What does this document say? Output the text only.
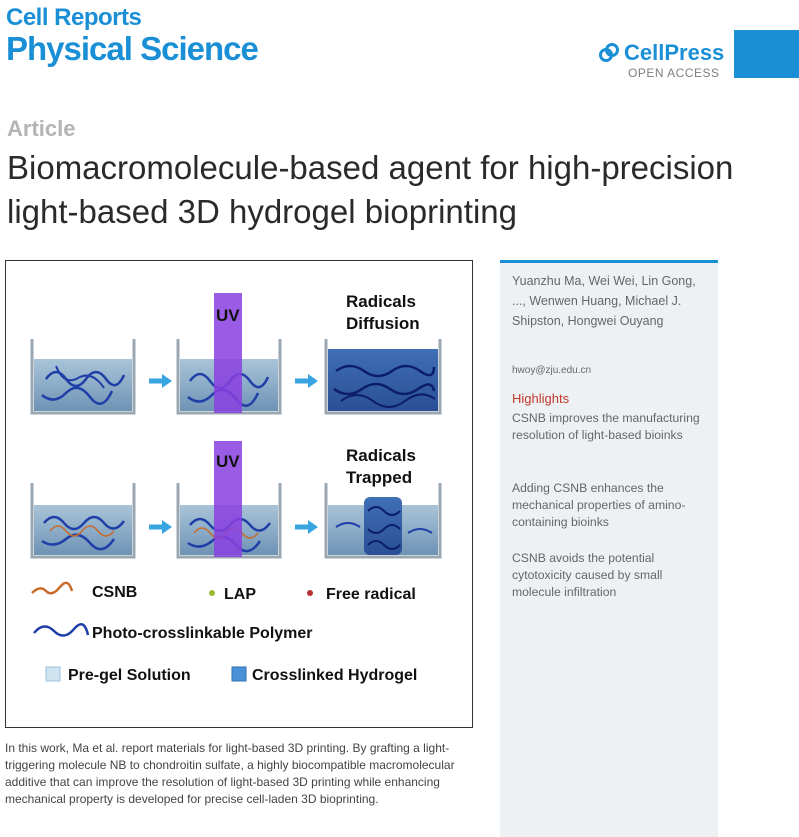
Cell Reports
Physical Science	CellPress
OPEN ACCESS
Article
Biomacromolecule-based agent for high-precision light-based 3D hydrogel bioprinting
UV
Radicals
Diffusion
UV	Radicals
Trapped
CSNB	LAP	Free radical
Photo-crosslinkable Polymer
Pre-gel Solution	Crosslinked Hydrogel
Yuanzhu Ma, Wei Wei, Lin Gong, ..., Wenwen Huang, Michael J. Shipston, Hongwei Ouyang
hwoy@zju.edu.cn
Highlights
CSNB improves the manufacturing resolution of light-based bioinks
Adding CSNB enhances the mechanical properties of amino-containing bioinks
CSNB avoids the potential cytotoxicity caused by small molecule infiltration
In this work, Ma et al. report materials for light-based 3D printing. By grafting a light-triggering molecule NB to chondroitin sulfate, a highly biocompatible macromolecular additive that can improve the resolution of light-based 3D printing while enhancing mechanical property is developed for precise cell-laden 3D bioprinting.
